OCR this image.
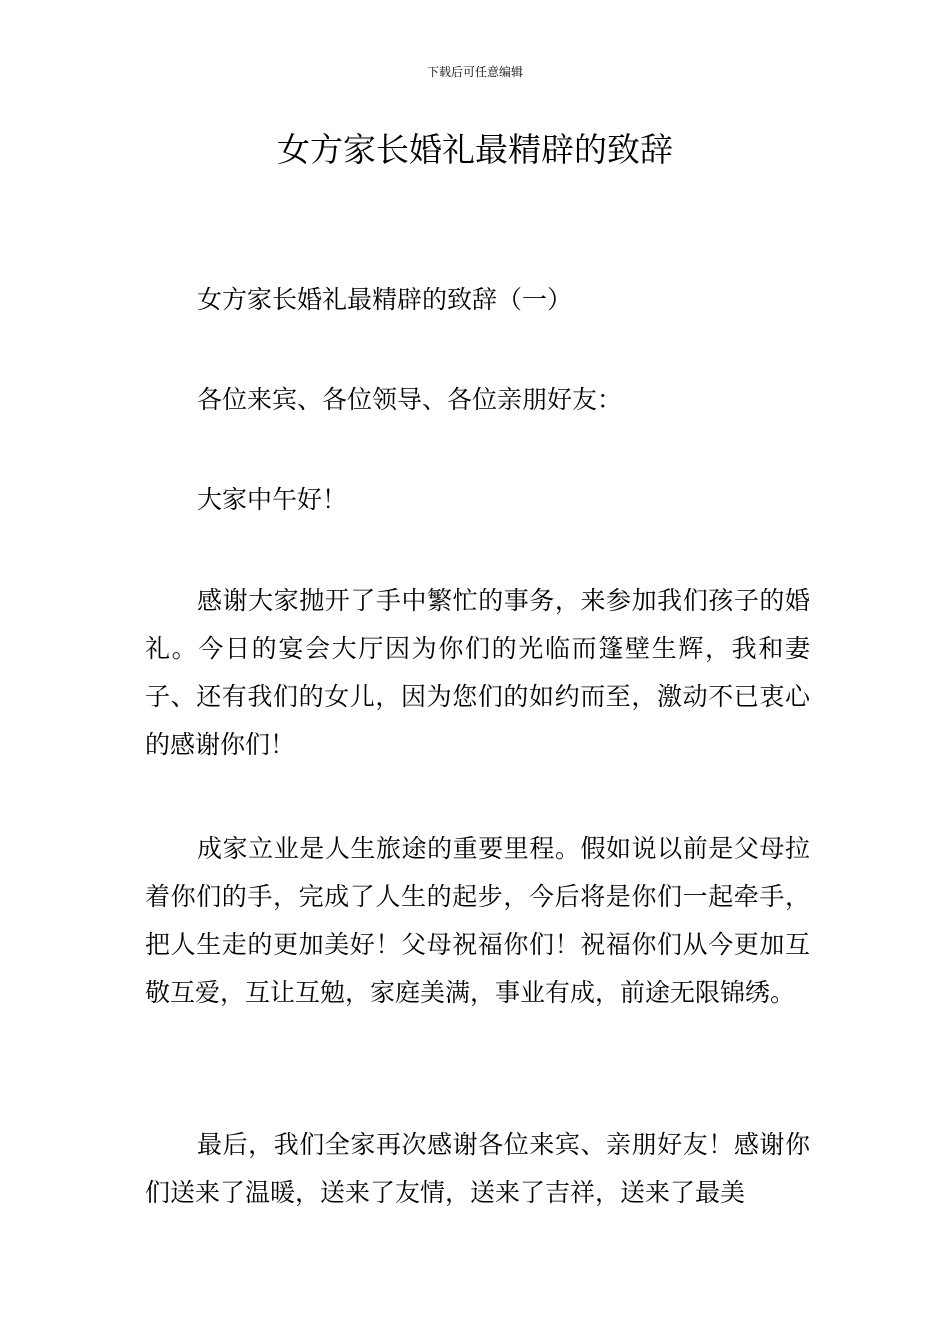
下载后可任意编辑
女方家长婚礼最精辟的致辞

女方家长婚礼最精辟的致辞（一）

各位来宾、各位领导、各位亲朋好友：

大家中午好！

感谢大家抛开了手中繁忙的事务，来参加我们孩子的婚礼。今日的宴会大厅因为你们的光临而篷壁生辉，我和妻子、还有我们的女儿，因为您们的如约而至，激动不已衷心的感谢你们！

成家立业是人生旅途的重要里程。假如说以前是父母拉着你们的手，完成了人生的起步，今后将是你们一起牵手，把人生走的更加美好！父母祝福你们！祝福你们从今更加互敬互爱，互让互勉，家庭美满，事业有成，前途无限锦绣。

最后，我们全家再次感谢各位来宾、亲朋好友！感谢你们送来了温暖，送来了友情，送来了吉祥，送来了最美
